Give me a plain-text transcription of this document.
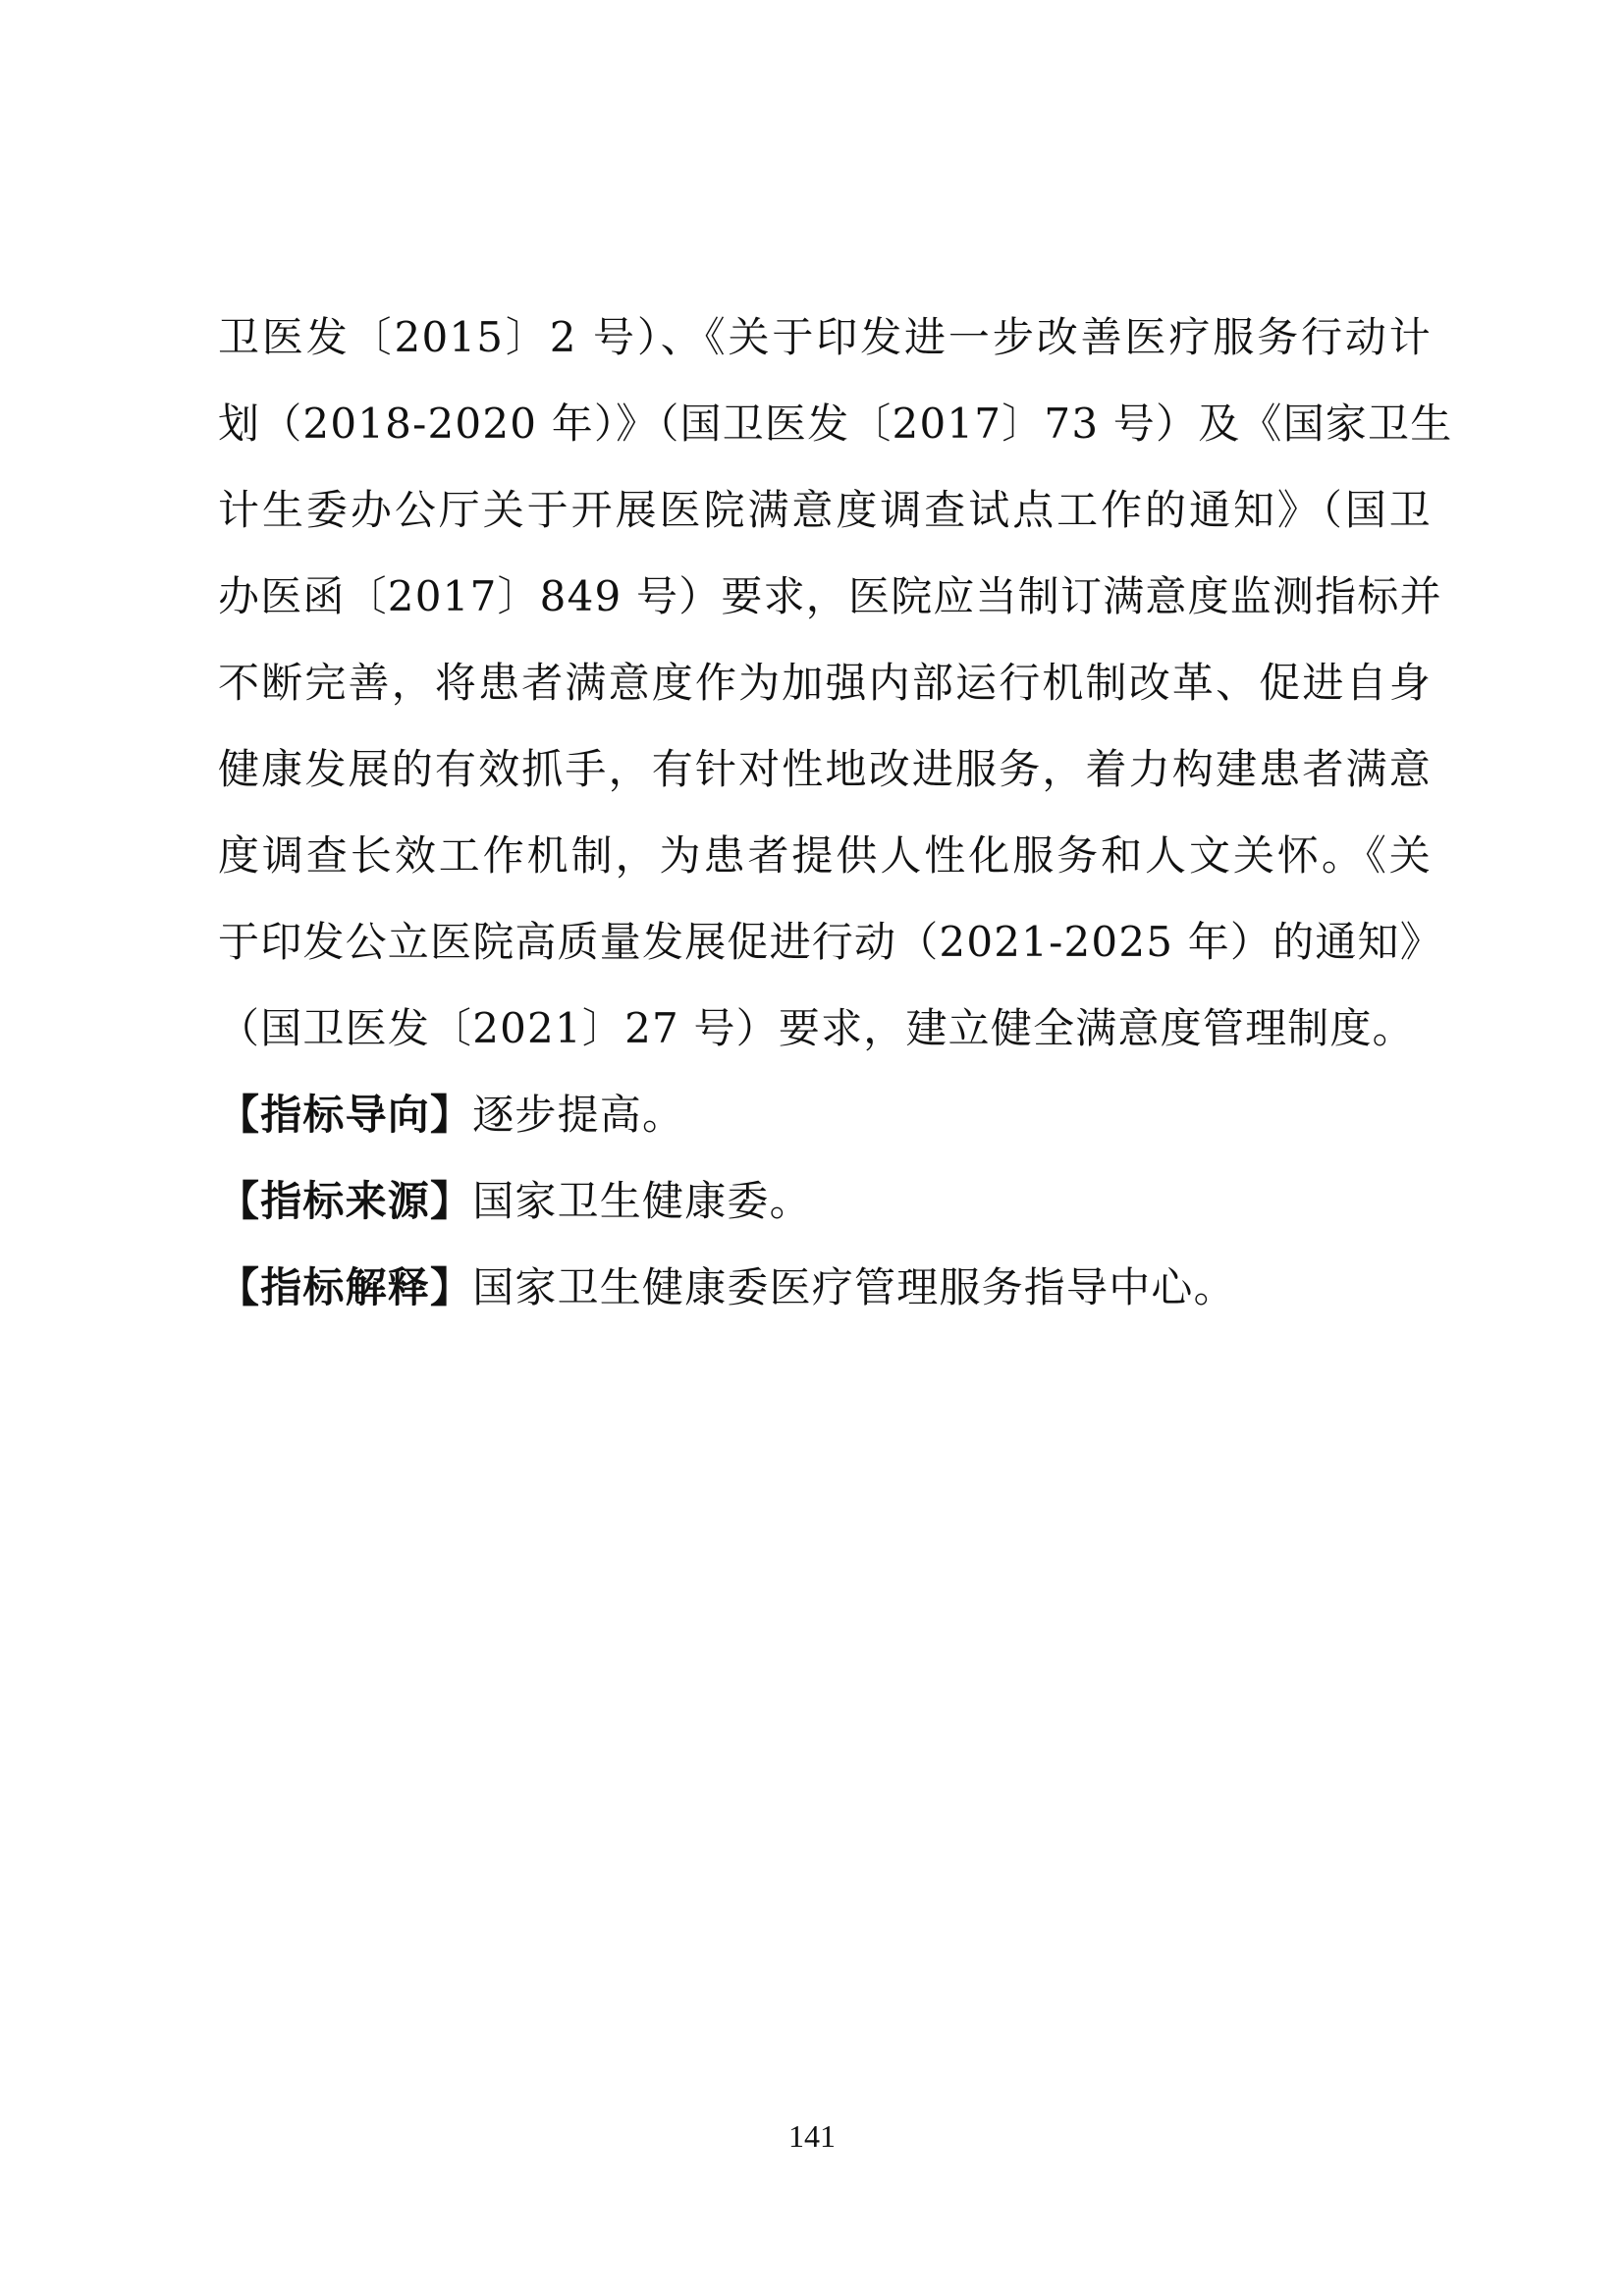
卫医发〔2015〕2 号）、《关于印发进一步改善医疗服务行动计
划（2018-2020 年）》（国卫医发〔2017〕73 号）及《国家卫生
计生委办公厅关于开展医院满意度调查试点工作的通知》（国卫
办医函〔2017〕849 号）要求，医院应当制订满意度监测指标并
不断完善，将患者满意度作为加强内部运行机制改革、促进自身
健康发展的有效抓手，有针对性地改进服务，着力构建患者满意
度调查长效工作机制，为患者提供人性化服务和人文关怀。《关
于印发公立医院高质量发展促进行动（2021-2025 年）的通知》
（国卫医发〔2021〕27 号）要求，建立健全满意度管理制度。
【指标导向】逐步提高。
【指标来源】国家卫生健康委。
【指标解释】国家卫生健康委医疗管理服务指导中心。
141
